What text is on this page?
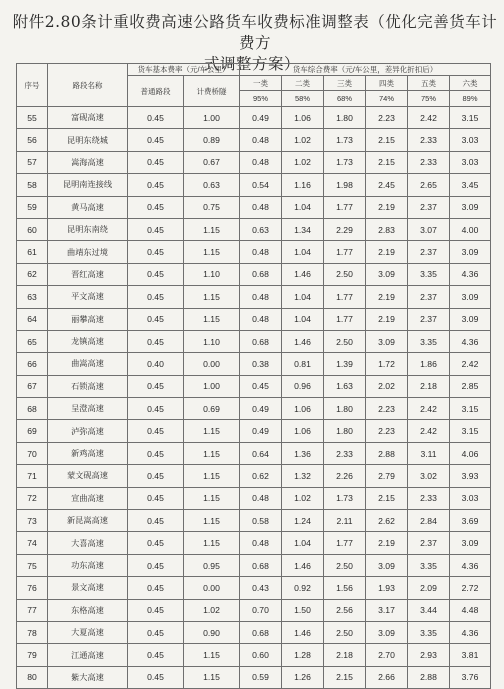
附件2.80条计重收费高速公路货车收费标准调整表（优化完善货车计费方
式调整方案）
序号	路段名称	货车基本费率（元/车公里）		货车综合费率（元/车公里，差异化折扣后）					
		普通路段	计费桥隧	一类	二类	三类	四类	五类	六类
				95%	58%	68%	74%	75%	89%
55	富砚高速	0.45	1.00	0.49	1.06	1.80	2.23	2.42	3.15
56	昆明东绕城	0.45	0.89	0.48	1.02	1.73	2.15	2.33	3.03
57	嵩海高速	0.45	0.67	0.48	1.02	1.73	2.15	2.33	3.03
58	昆明南连接线	0.45	0.63	0.54	1.16	1.98	2.45	2.65	3.45
59	黄马高速	0.45	0.75	0.48	1.04	1.77	2.19	2.37	3.09
60	昆明东南绕	0.45	1.15	0.63	1.34	2.29	2.83	3.07	4.00
61	曲靖东过境	0.45	1.15	0.48	1.04	1.77	2.19	2.37	3.09
62	晋红高速	0.45	1.10	0.68	1.46	2.50	3.09	3.35	4.36
63	平文高速	0.45	1.15	0.48	1.04	1.77	2.19	2.37	3.09
64	丽攀高速	0.45	1.15	0.48	1.04	1.77	2.19	2.37	3.09
65	龙镇高速	0.45	1.10	0.68	1.46	2.50	3.09	3.35	4.36
66	曲嵩高速	0.40	0.00	0.38	0.81	1.39	1.72	1.86	2.42
67	石锁高速	0.45	1.00	0.45	0.96	1.63	2.02	2.18	2.85
68	呈澄高速	0.45	0.69	0.49	1.06	1.80	2.23	2.42	3.15
69	泸弥高速	0.45	1.15	0.49	1.06	1.80	2.23	2.42	3.15
70	新鸡高速	0.45	1.15	0.64	1.36	2.33	2.88	3.11	4.06
71	蒙文砚高速	0.45	1.15	0.62	1.32	2.26	2.79	3.02	3.93
72	宣曲高速	0.45	1.15	0.48	1.02	1.73	2.15	2.33	3.03
73	新昆嵩高速	0.45	1.15	0.58	1.24	2.11	2.62	2.84	3.69
74	大喜高速	0.45	1.15	0.48	1.04	1.77	2.19	2.37	3.09
75	功东高速	0.45	0.95	0.68	1.46	2.50	3.09	3.35	4.36
76	景文高速	0.45	0.00	0.43	0.92	1.56	1.93	2.09	2.72
77	东格高速	0.45	1.02	0.70	1.50	2.56	3.17	3.44	4.48
78	大夏高速	0.45	0.90	0.68	1.46	2.50	3.09	3.35	4.36
79	江通高速	0.45	1.15	0.60	1.28	2.18	2.70	2.93	3.81
80	紫大高速	0.45	1.15	0.59	1.26	2.15	2.66	2.88	3.76
